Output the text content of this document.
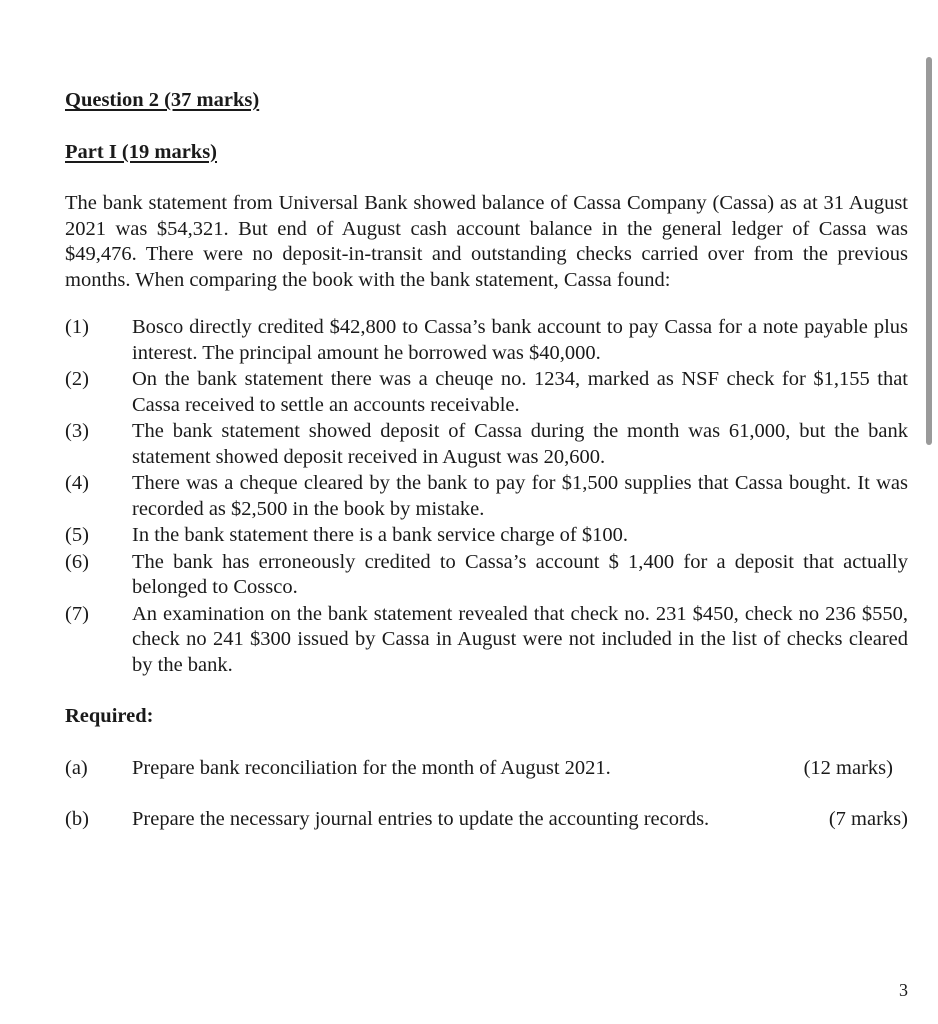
Question 2 (37 marks)

Part I (19 marks)

The bank statement from Universal Bank showed balance of Cassa Company (Cassa) as at 31 August 2021 was $54,321. But end of August cash account balance in the general ledger of Cassa was $49,476. There were no deposit-in-transit and outstanding checks carried over from the previous months. When comparing the book with the bank statement, Cassa found:

(1)	Bosco directly credited $42,800 to Cassa’s bank account to pay Cassa for a note payable plus interest. The principal amount he borrowed was $40,000.
(2)	On the bank statement there was a cheuqe no. 1234, marked as NSF check for $1,155 that Cassa received to settle an accounts receivable.
(3)	The bank statement showed deposit of Cassa during the month was 61,000, but the bank statement showed deposit received in August was 20,600.
(4)	There was a cheque cleared by the bank to pay for $1,500 supplies that Cassa bought. It was recorded as $2,500 in the book by mistake.
(5)	In the bank statement there is a bank service charge of $100.
(6)	The bank has erroneously credited to Cassa’s account $ 1,400 for a deposit that actually belonged to Cossco.
(7)	An examination on the bank statement revealed that check no. 231 $450, check no 236 $550, check no 241 $300 issued by Cassa in August were not included in the list of checks cleared by the bank.

Required:

(a)	Prepare bank reconciliation for the month of August 2021.	(12 marks)
(b)	Prepare the necessary journal entries to update the accounting records.	(7 marks)
3
